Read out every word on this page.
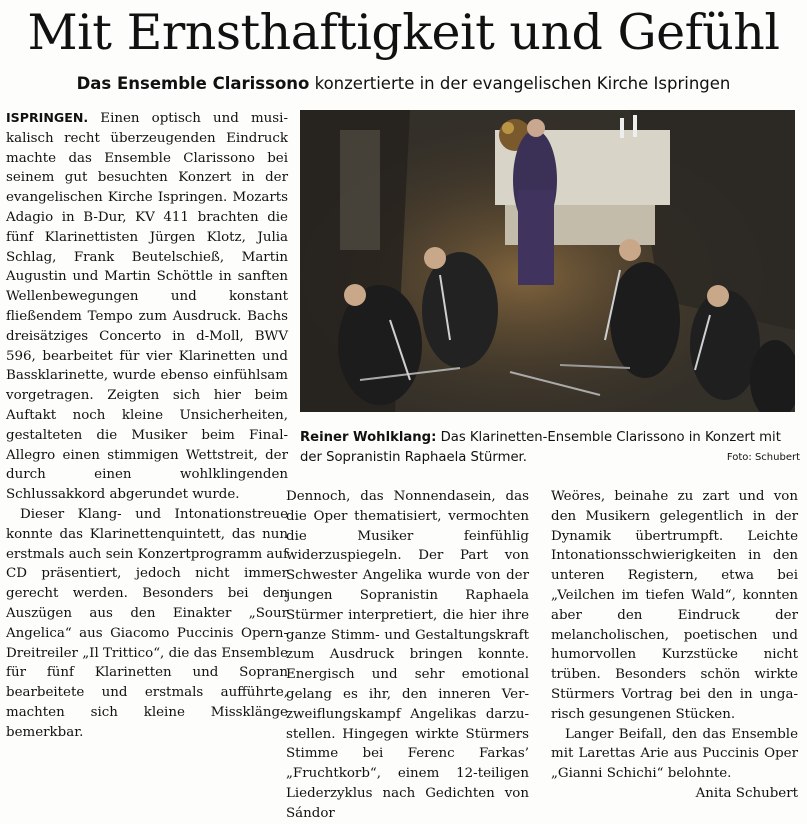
Mit Ernsthaftigkeit und Gefühl
Das Ensemble Clarissono konzertierte in der evangelischen Kirche Ispringen

ISPRINGEN. Einen optisch und musikalisch recht überzeugenden Eindruck machte das Ensemble Clarissono bei seinem gut besuchten Konzert in der evangelischen Kirche Ispringen. Mozarts Adagio in B-Dur, KV 411 brachten die fünf Klarinettisten Jürgen Klotz, Julia Schlag, Frank Beutelschieß, Martin Augustin und Martin Schöttle in sanften Wellenbewegungen und konstant fließendem Tempo zum Ausdruck. Bachs dreisätziges Concerto in d-Moll, BWV 596, bearbeitet für vier Klarinetten und Bassklarinette, wurde ebenso einfühlsam vorgetragen. Zeigten sich hier beim Auftakt noch kleine Unsicherheiten, gestalteten die Musiker beim Final-Allegro einen stimmigen Wettstreit, der durch einen wohlklingenden Schlussakkord abgerundet wurde.

Dieser Klang- und Intonationstreue konnte das Klarinettenquintett, das nun erstmals auch sein Konzertprogramm auf CD präsentiert, jedoch nicht immer gerecht werden. Besonders bei den Auszügen aus den Einakter „Sour Angelica“ aus Giacomo Puccinis Opern-Dreitreiler „Il Trittico“, die das Ensemble für fünf Klarinetten und Sopran bearbeitete und erstmals aufführte, machten sich kleine Missklänge bemerkbar.

Reiner Wohlklang: Das Klarinetten-Ensemble Clarissono in Konzert mit der Sopranistin Raphaela Stürmer.	Foto: Schubert

Dennoch, das Nonnendasein, das die Oper thematisiert, vermochten die Musiker feinfühlig widerzuspiegeln. Der Part von Schwester Angelika wurde von der jungen Sopranistin Raphaela Stürmer interpretiert, die hier ihre ganze Stimm- und Gestaltungskraft zum Ausdruck bringen konnte. Energisch und sehr emotional gelang es ihr, den inneren Verzweiflungskampf Angelikas darzustellen. Hingegen wirkte Stürmers Stimme bei Ferenc Farkas’ „Fruchtkorb“, einem 12-teiligen Liederzyklus nach Gedichten von Sándor

Weöres, beinahe zu zart und von den Musikern gelegentlich in der Dynamik übertrumpft. Leichte Intonationsschwierigkeiten in den unteren Registern, etwa bei „Veilchen im tiefen Wald“, konnten aber den Eindruck der melancholischen, poetischen und humorvollen Kurzstücke nicht trüben. Besonders schön wirkte Stürmers Vortrag bei den in ungarisch gesungenen Stücken.

Langer Beifall, den das Ensemble mit Larettas Arie aus Puccinis Oper „Gianni Schichi“ belohnte.

Anita Schubert
